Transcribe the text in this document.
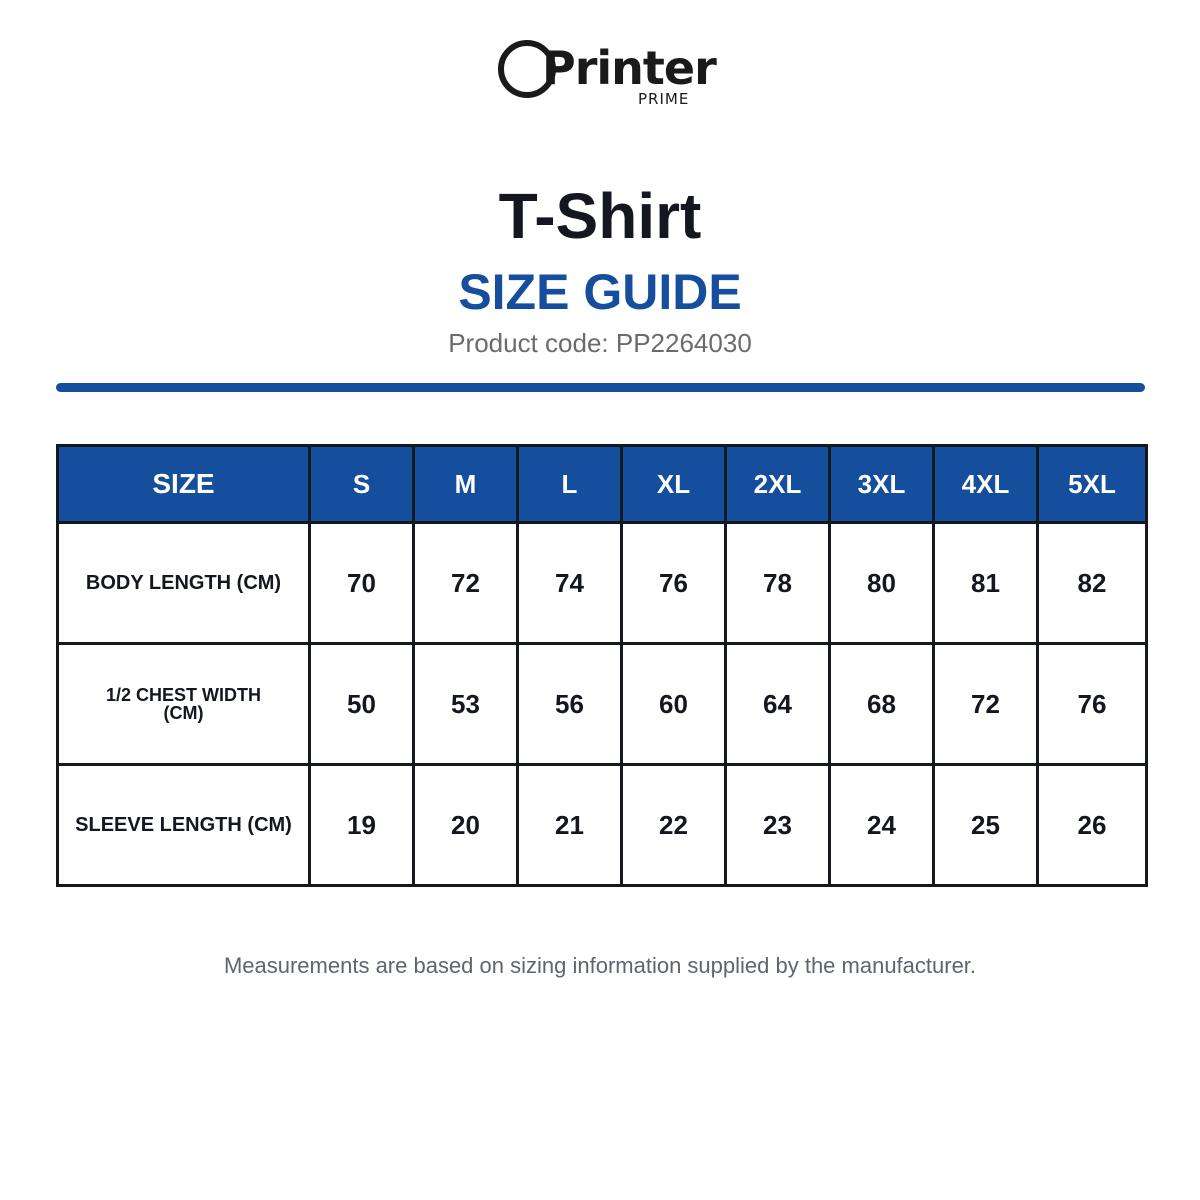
Printer
PRIME
T-Shirt
SIZE GUIDE
Product code: PP2264030
SIZE	S	M	L	XL	2XL	3XL	4XL	5XL
BODY LENGTH (CM)	70	72	74	76	78	80	81	82
1/2 CHEST WIDTH (CM)	50	53	56	60	64	68	72	76
SLEEVE LENGTH (CM)	19	20	21	22	23	24	25	26
Measurements are based on sizing information supplied by the manufacturer.
